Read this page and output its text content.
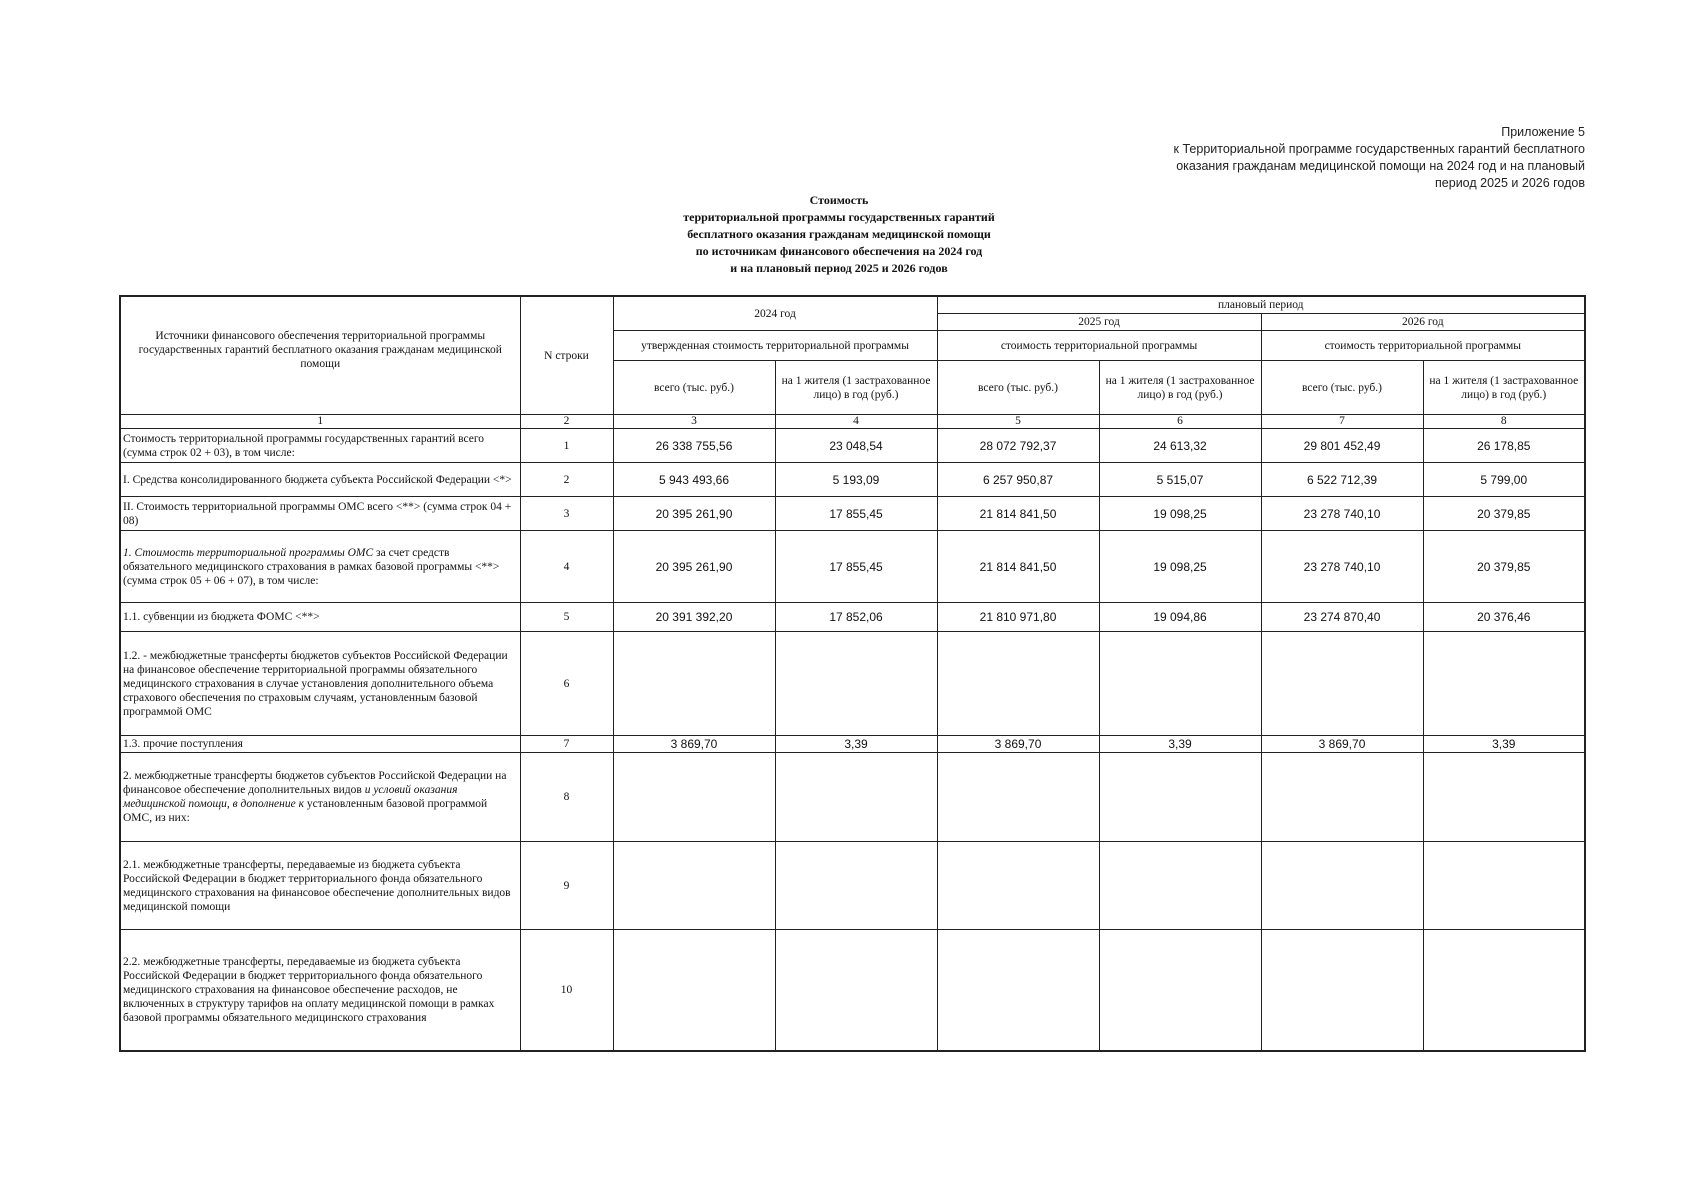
Приложение 5
к Территориальной программе государственных гарантий бесплатного
оказания гражданам медицинской помощи на 2024 год и на плановый
период 2025 и 2026 годов
Стоимость
территориальной программы государственных гарантий
бесплатного оказания гражданам медицинской помощи
по источникам финансового обеспечения на 2024 год
и на плановый период 2025 и 2026 годов
Источники финансового обеспечения территориальной программы государственных гарантий бесплатного оказания гражданам медицинской помощи	N строки	2024 год		плановый период			
				2025 год		2026 год	
		утвержденная стоимость территориальной программы		стоимость территориальной программы		стоимость территориальной программы	
		всего (тыс. руб.)	на 1 жителя (1 застрахованное лицо) в год (руб.)	всего (тыс. руб.)	на 1 жителя (1 застрахованное лицо) в год (руб.)	всего (тыс. руб.)	на 1 жителя (1 застрахованное лицо) в год (руб.)
1	2	3	4	5	6	7	8
Стоимость территориальной программы государственных гарантий всего (сумма строк 02 + 03), в том числе:	1	26 338 755,56	23 048,54	28 072 792,37	24 613,32	29 801 452,49	26 178,85
I. Средства консолидированного бюджета субъекта Российской Федерации <*>	2	5 943 493,66	5 193,09	6 257 950,87	5 515,07	6 522 712,39	5 799,00
II. Стоимость территориальной программы ОМС всего <**> (сумма строк 04 + 08)	3	20 395 261,90	17 855,45	21 814 841,50	19 098,25	23 278 740,10	20 379,85
1. Стоимость территориальной программы ОМС за счет средств обязательного медицинского страхования в рамках базовой программы <**> (сумма строк 05 + 06 + 07), в том числе:	4	20 395 261,90	17 855,45	21 814 841,50	19 098,25	23 278 740,10	20 379,85
1.1. субвенции из бюджета ФОМС <**>	5	20 391 392,20	17 852,06	21 810 971,80	19 094,86	23 274 870,40	20 376,46
1.2. - межбюджетные трансферты бюджетов субъектов Российской Федерации на финансовое обеспечение территориальной программы обязательного медицинского страхования в случае установления дополнительного объема страхового обеспечения по страховым случаям, установленным базовой программой ОМС	6						
1.3. прочие поступления	7	3 869,70	3,39	3 869,70	3,39	3 869,70	3,39
2. межбюджетные трансферты бюджетов субъектов Российской Федерации на финансовое обеспечение дополнительных видов и условий оказания медицинской помощи, в дополнение к установленным базовой программой ОМС, из них:	8						
2.1. межбюджетные трансферты, передаваемые из бюджета субъекта Российской Федерации в бюджет территориального фонда обязательного медицинского страхования на финансовое обеспечение дополнительных видов медицинской помощи	9						
2.2. межбюджетные трансферты, передаваемые из бюджета субъекта Российской Федерации в бюджет территориального фонда обязательного медицинского страхования на финансовое обеспечение расходов, не включенных в структуру тарифов на оплату медицинской помощи в рамках базовой программы обязательного медицинского страхования	10						
